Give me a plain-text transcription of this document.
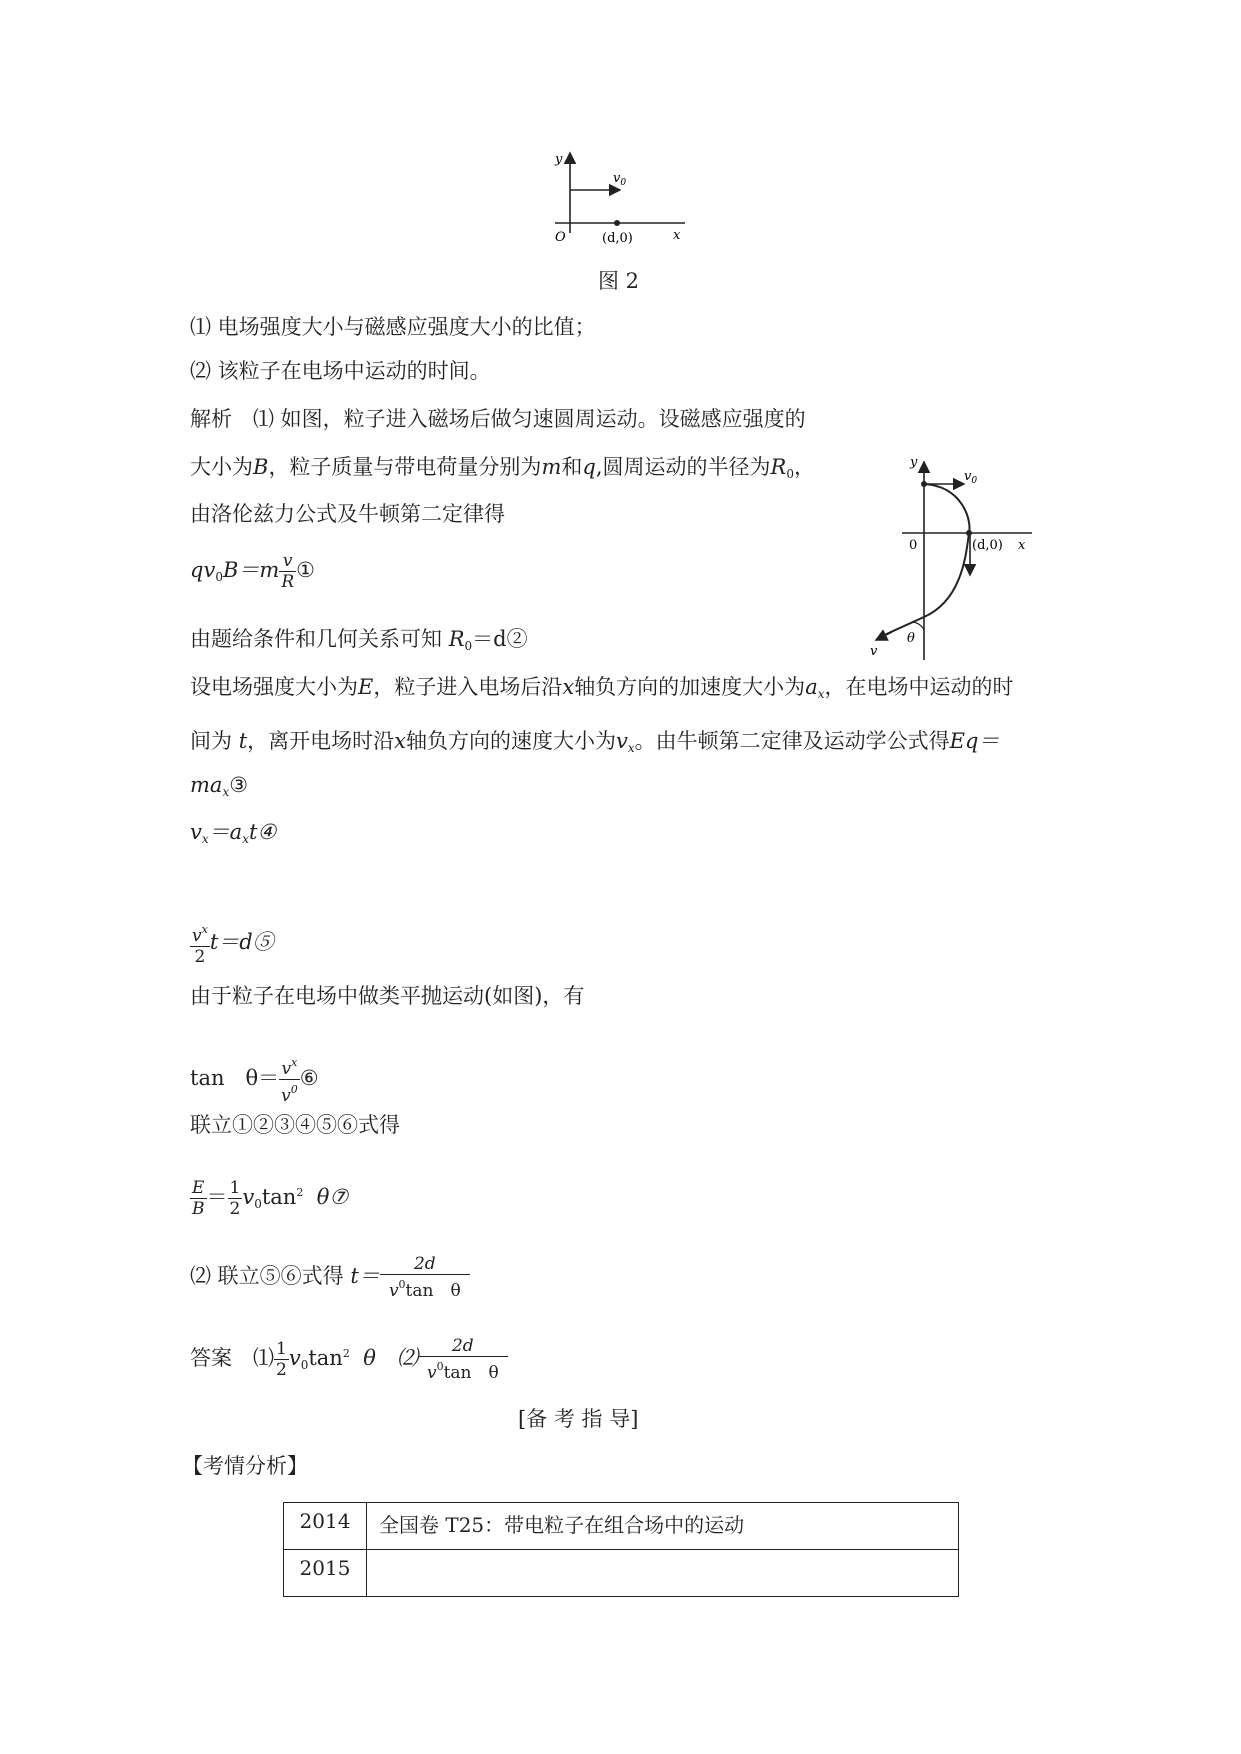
y
$v_0$
O	(d,0)	x
图 2
⑴ 电场强度大小与磁感应强度大小的比值；
⑵ 该粒子在电场中运动的时间。
解析　⑴ 如图，粒子进入磁场后做匀速圆周运动。设磁感应强度的
大小为B，粒子质量与带电荷量分别为m和q,圆周运动的半径为$R_0$，
由洛伦兹力公式及牛顿第二定律得
$qv_0B=m \frac{v}{R}$ ①
由题给条件和几何关系可知 $R_0=d②$
设电场强度大小为E，粒子进入电场后沿x轴负方向的加速度大小为$a_x$，在电场中运动的时
间为 t，离开电场时沿x轴负方向的速度大小为$v_x$。由牛顿第二定律及运动学公式得Eq＝
$ma_x③$
$v_x=a_xt④$
$\frac{v^x}{2}$ t＝d⑤
由于粒子在电场中做类平抛运动(如图)，有
tan　$\theta= \frac{v^x}{v^0}$ ⑥
联立①②③④⑤⑥式得
$\frac{E}{B} = \frac{1}{2} v_0\tan^2$ θ⑦
⑵ 联立⑤⑥式得 $t= \frac{2d}{v^0\tan \theta}$
答案　⑴ $\frac{1}{2} v_0\tan^2$ θ　⑵ $\frac{2d}{v^0\tan \theta}$
[备 考 指 导]
【考情分析】
2014	全国卷 T25：带电粒子在组合场中的运动
2015	
y
$v_0$
0	(d,0) x
v
θ
